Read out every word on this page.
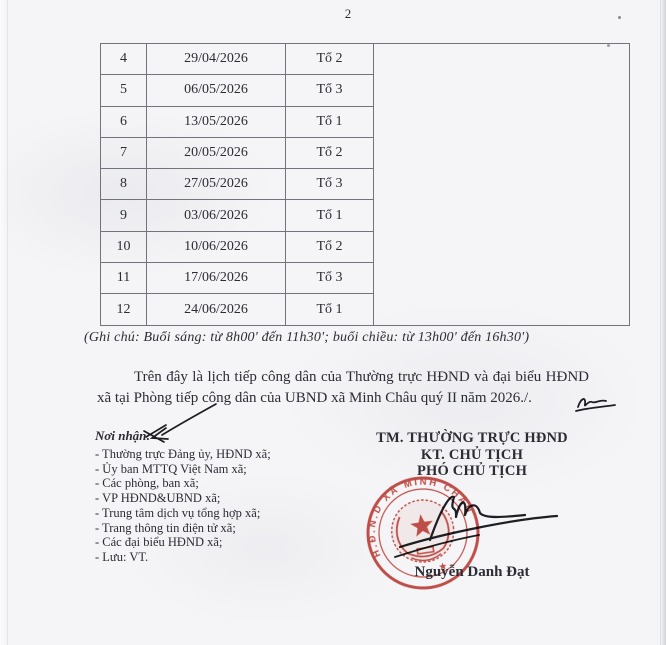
2
4	29/04/2026	Tổ 2	
5	06/05/2026	Tổ 3	
6	13/05/2026	Tổ 1	
7	20/05/2026	Tổ 2	
8	27/05/2026	Tổ 3	
9	03/06/2026	Tổ 1	
10	10/06/2026	Tổ 2	
11	17/06/2026	Tổ 3	
12	24/06/2026	Tổ 1	
(Ghi chú: Buổi sáng: từ 8h00' đến 11h30'; buổi chiều: từ 13h00' đến 16h30')
Trên đây là lịch tiếp công dân của Thường trực HĐND và đại biểu HĐND xã tại Phòng tiếp công dân của UBND xã Minh Châu quý II năm 2026./.

Nơi nhận:

- Thường trực Đảng ủy, HĐND xã;
- Ủy ban MTTQ Việt Nam xã;
- Các phòng, ban xã;
- VP HĐND&UBND xã;
- Trung tâm dịch vụ tổng hợp xã;
- Trang thông tin điện tử xã;
- Các đại biểu HĐND xã;
- Lưu: VT.
TM. THƯỜNG TRỰC HĐND
KT. CHỦ TỊCH
PHÓ CHỦ TỊCH
H.Đ.N.D XÃ MINH CHÂU
Nguyễn Danh Đạt
